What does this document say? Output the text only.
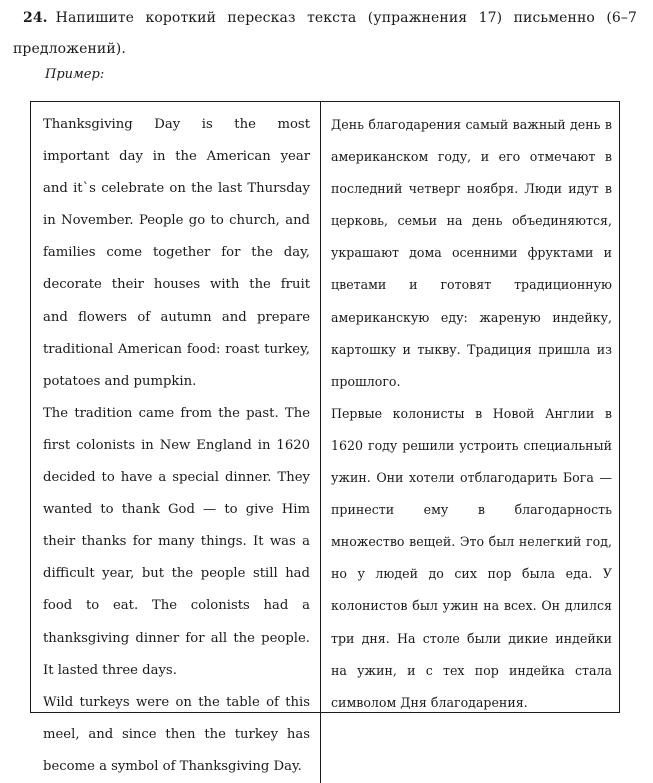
24. Напишите короткий пересказ текста (упражнения 17) письменно (6–7 предложений).
Пример:

Thanksgiving Day is the most important day in the American year and it`s celebrate on the last Thursday in November. People go to church, and families come together for the day, decorate their houses with the fruit and flowers of autumn and prepare traditional American food: roast turkey, potatoes and pumpkin.

The tradition came from the past. The first colonists in New England in 1620 decided to have a special dinner. They wanted to thank God — to give Him their thanks for many things. It was a difficult year, but the people still had food to eat. The colonists had a thanksgiving dinner for all the people. It lasted three days.

Wild turkeys were on the table of this meel, and since then the turkey has become a symbol of Thanksgiving Day.

День благодарения самый важный день в американском году, и его отмечают в последний четверг ноября. Люди идут в церковь, семьи на день объединяются, украшают дома осенними фруктами и цветами и готовят традиционную американскую еду: жареную индейку, картошку и тыкву. Традиция пришла из прошлого.

Первые колонисты в Новой Англии в 1620 году решили устроить специальный ужин. Они хотели отблагодарить Бога — принести ему в благодарность множество вещей. Это был нелегкий год, но у людей до сих пор была еда. У колонистов был ужин на всех. Он длился три дня. На столе были дикие индейки на ужин, и с тех пор индейка стала символом Дня благодарения.
